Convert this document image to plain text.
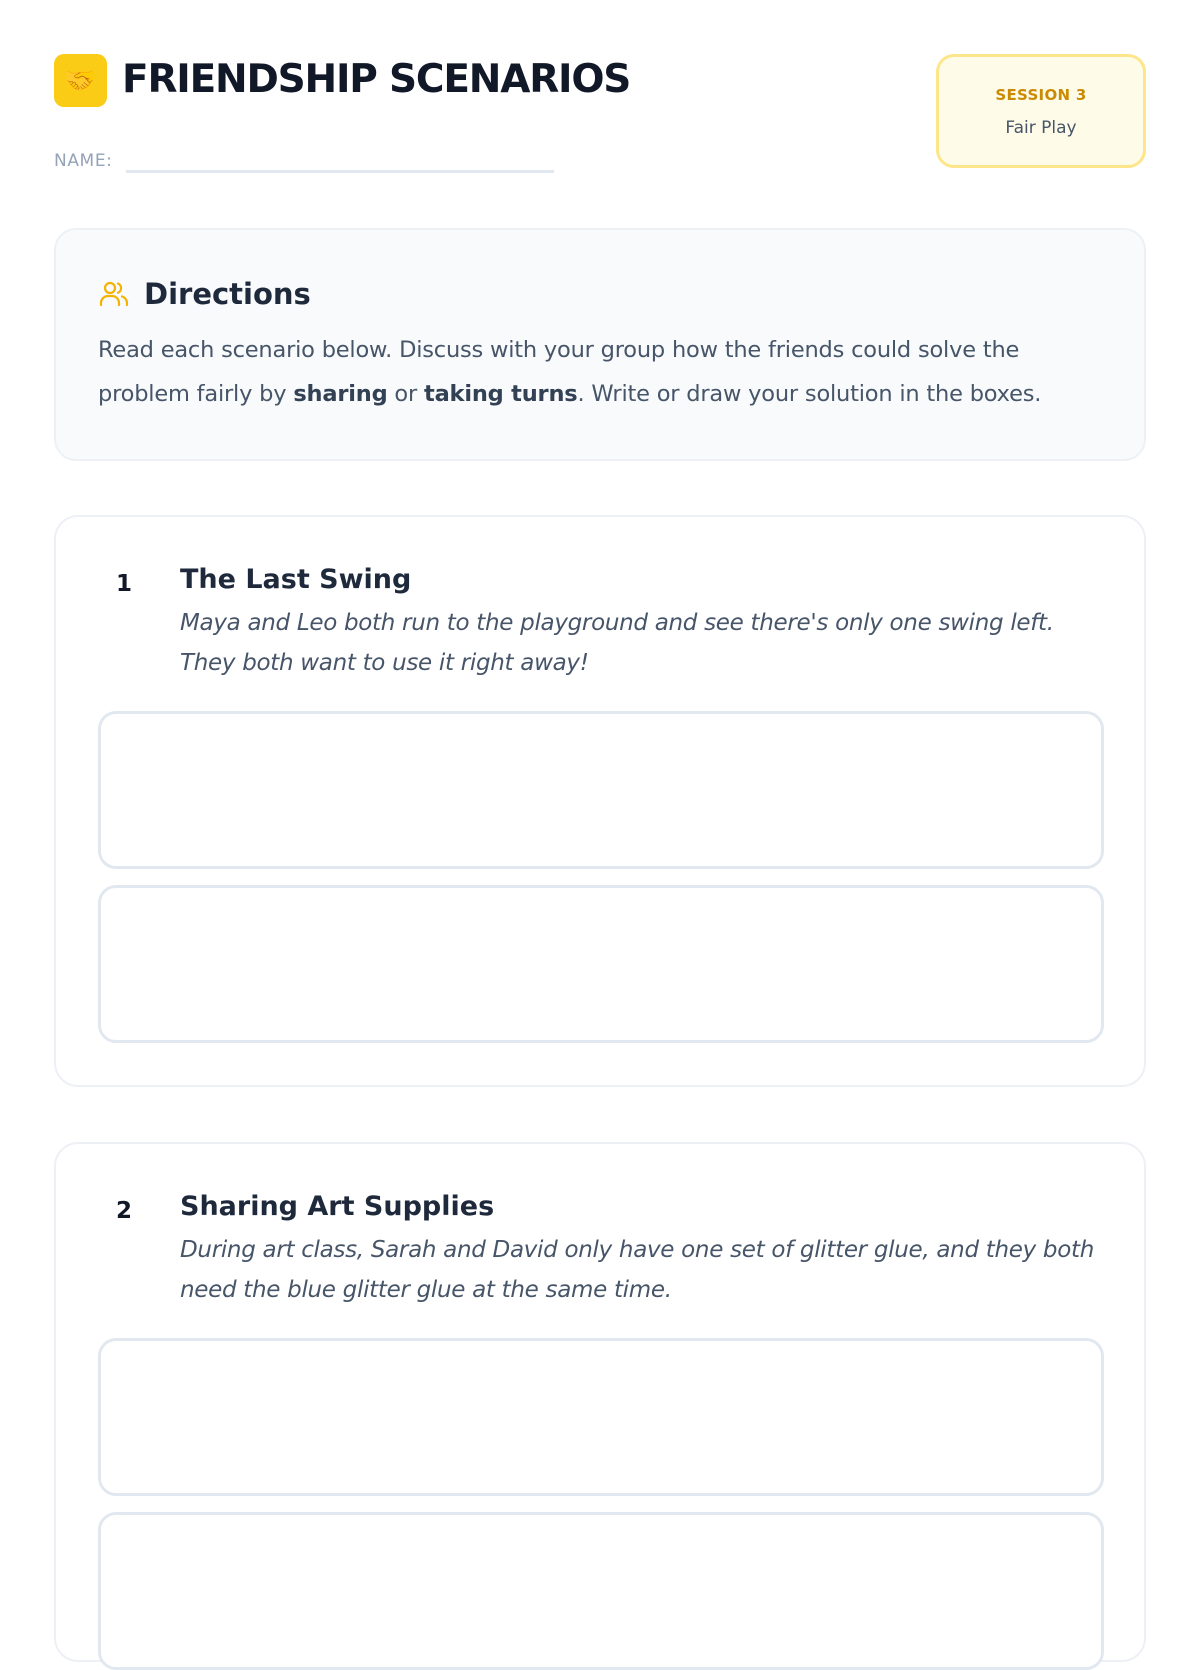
🤝 FRIENDSHIP SCENARIOS
NAME:
SESSION 3
Fair Play
Directions

Read each scenario below. Discuss with your group how the friends could solve the problem fairly by sharing or taking turns. Write or draw your solution in the boxes.

1 The Last Swing

Maya and Leo both run to the playground and see there's only one swing left. They both want to use it right away!

2 Sharing Art Supplies

During art class, Sarah and David only have one set of glitter glue, and they both need the blue glitter glue at the same time.
